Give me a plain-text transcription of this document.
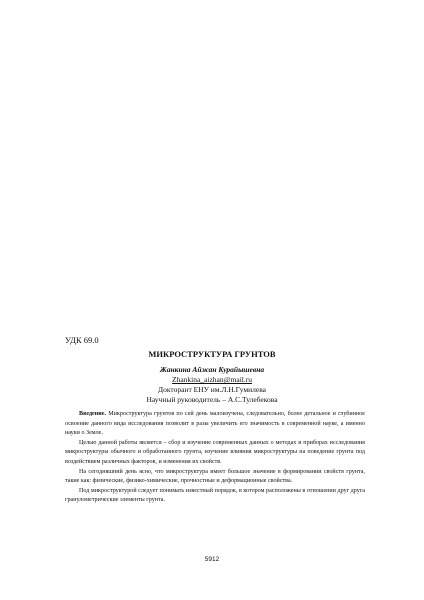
УДК 69.0
МИКРОСТРУКТУРА ГРУНТОВ
Жанкина Айжан Курайышевна
Zhankina_aizhan@mail.ru
Докторант ЕНУ им.Л.Н.Гумилева
Научный руководитель – А.С.Тулебекова

Введение. Микроструктура грунтов по сей день малоизучена, следовательно, более детальное и глубинное освоение данного вида исследования позволит в разы увеличить его значимость в современной науке, а именно науки о Земле.

Целью данной работы является – сбор и изучение современных данных о методах и приборах исследования микроструктуры обычного и обработанного грунта, изучение влияния микроструктуры на поведение грунта под воздействием различных факторов, и изменения их свойств.

На сегодняшний день ясно, что микроструктура имеет большое значение в формировании свойств грунта, такие как: физические, физико-химические, прочностные и деформационные свойства.

Под микроструктурой следует понимать известный порядок, в котором расположены в отношении друг друга гранулометрические элементы грунта.

5912
